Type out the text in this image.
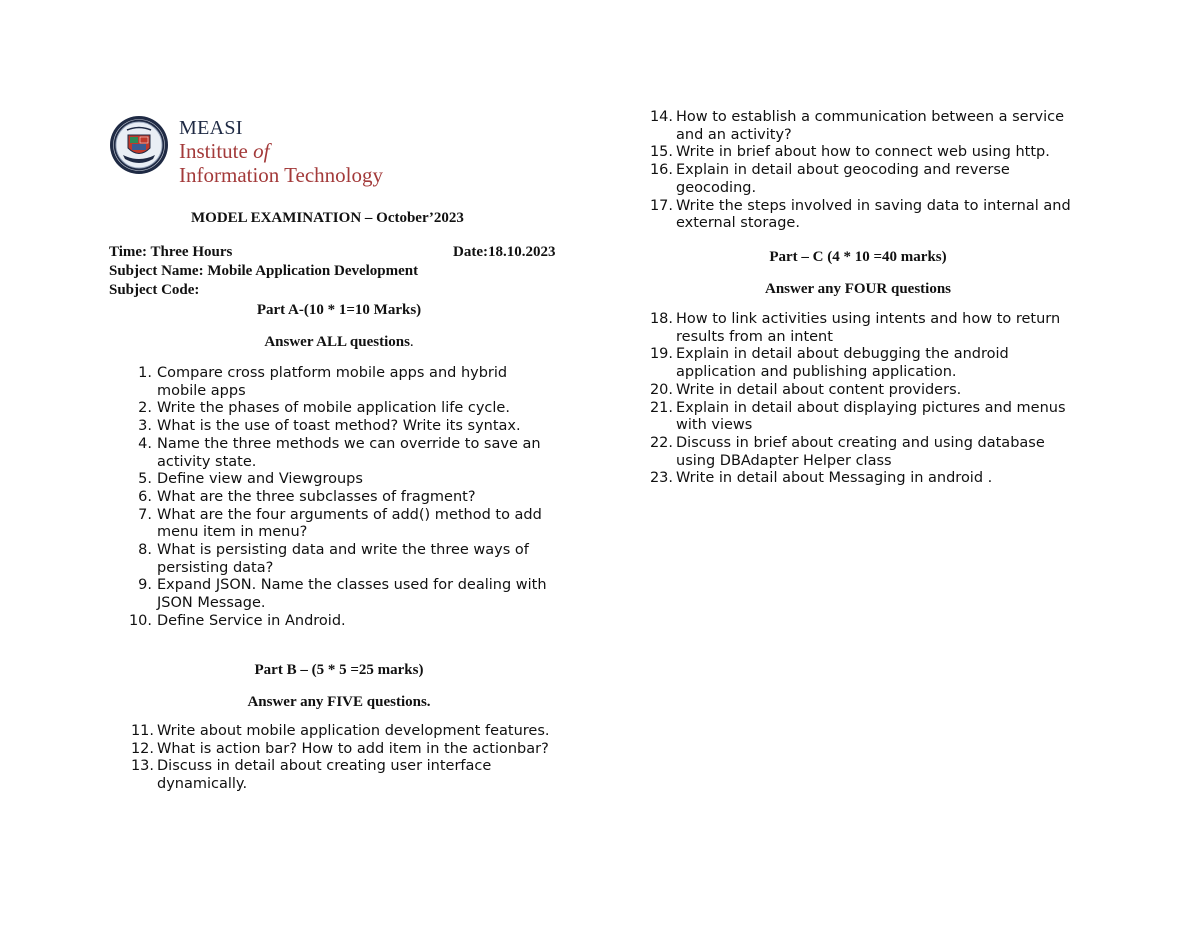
MEASI
Institute of
Information Technology
MODEL EXAMINATION – October’2023
Time: Three Hours	Date:18.10.2023
Subject Name: Mobile Application Development
Subject Code:
Part A-(10 * 1=10 Marks)
Answer ALL questions.
1. Compare cross platform mobile apps and hybrid
mobile apps
2. Write the phases of mobile application life cycle.
3. What is the use of toast method? Write its syntax.
4. Name the three methods we can override to save an
activity state.
5. Define view and Viewgroups
6. What are the three subclasses of fragment?
7. What are the four arguments of add() method to add
menu item in menu?
8. What is persisting data and write the three ways of
persisting data?
9. Expand JSON. Name the classes used for dealing with
JSON Message.
10. Define Service in Android.
Part B – (5 * 5 =25 marks)
Answer any FIVE questions.
11. Write about mobile application development features.
12. What is action bar? How to add item in the actionbar?
13. Discuss in detail about creating user interface
dynamically.
14. How to establish a communication between a service
and an activity?
15. Write in brief about how to connect web using http.
16. Explain in detail about geocoding and reverse
geocoding.
17. Write the steps involved in saving data to internal and
external storage.
Part – C (4 * 10 =40 marks)
Answer any FOUR questions
18. How to link activities using intents and how to return
results from an intent
19. Explain in detail about debugging the android
application and publishing application.
20. Write in detail about content providers.
21. Explain in detail about displaying pictures and menus
with views
22. Discuss in brief about creating and using database
using DBAdapter Helper class
23. Write in detail about Messaging in android .
